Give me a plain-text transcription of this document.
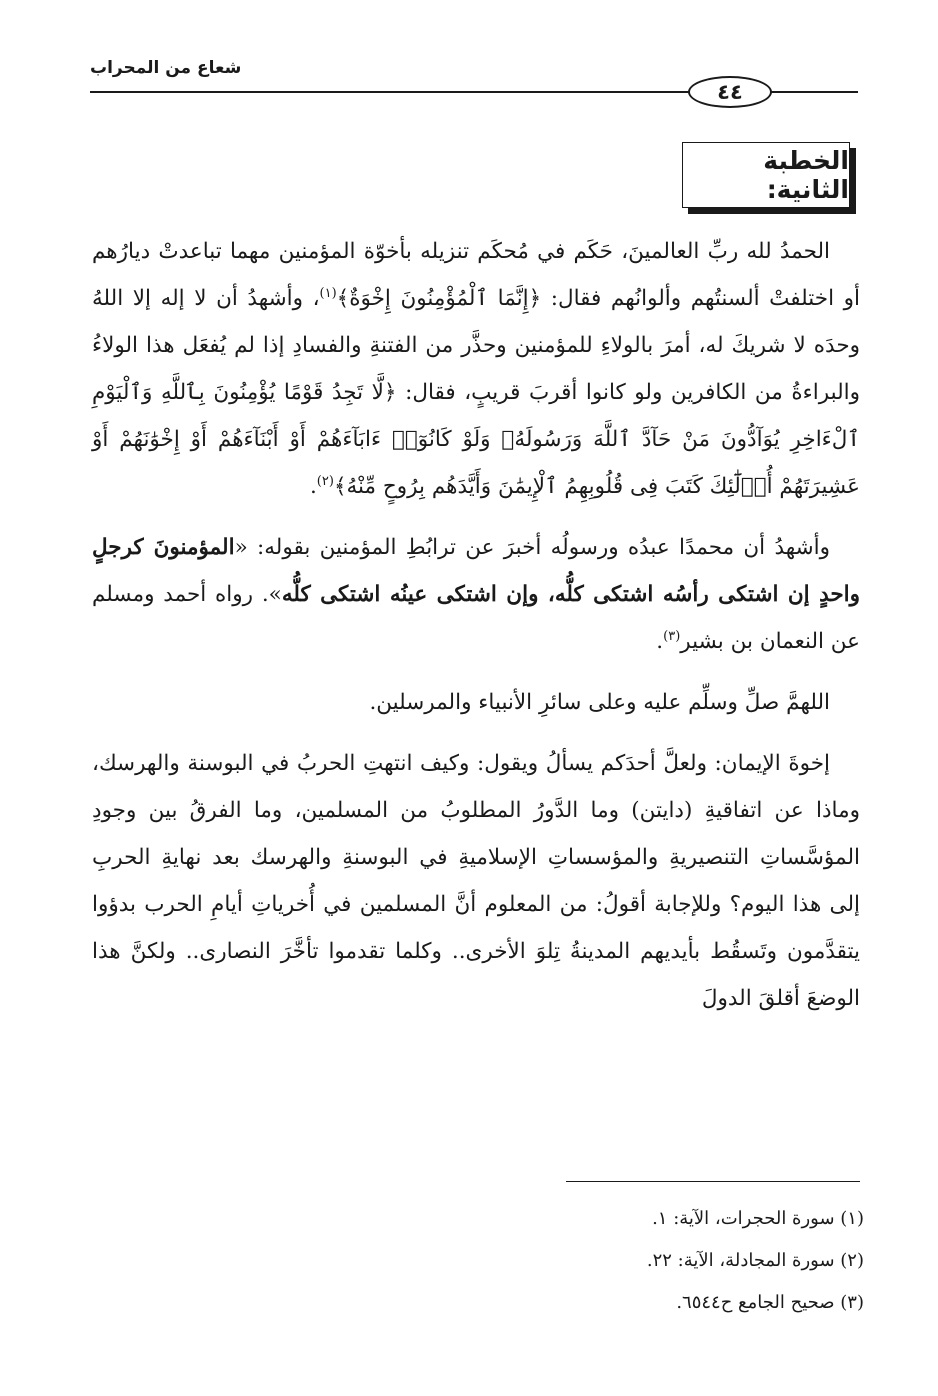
شعاع من المحراب
٤٤
الخطبة الثانية:

الحمدُ لله ربِّ العالمينَ، حَكَم في مُحكَم تنزيله بأخوّة المؤمنين مهما تباعدتْ ديارُهم أو اختلفتْ ألسنتُهم وألوانُهم فقال: ﴿إِنَّمَا ٱلْمُؤْمِنُونَ إِخْوَةٌ﴾$^{(١)}$، وأشهدُ أن لا إله إلا اللهُ وحدَه لا شريكَ له، أمرَ بالولاءِ للمؤمنين وحذَّر من الفتنةِ والفسادِ إذا لم يُفعَل هذا الولاءُ والبراءةُ من الكافرين ولو كانوا أقربَ قريبٍ، فقال: ﴿لَّا تَجِدُ قَوْمًا يُؤْمِنُونَ بِٱللَّهِ وَٱلْيَوْمِ ٱلْءَاخِرِ يُوَآدُّونَ مَنْ حَآدَّ ٱللَّهَ وَرَسُولَهُۥ وَلَوْ كَانُوٓا۟ ءَابَآءَهُمْ أَوْ أَبْنَآءَهُمْ أَوْ إِخْوَٰنَهُمْ أَوْ عَشِيرَتَهُمْ أُو۟لَٰٓئِكَ كَتَبَ فِى قُلُوبِهِمُ ٱلْإِيمَٰنَ وَأَيَّدَهُم بِرُوحٍ مِّنْهُ﴾$^{(٢)}$.

وأشهدُ أن محمدًا عبدُه ورسولُه أخبرَ عن ترابُطِ المؤمنين بقوله: «المؤمنونَ كرجلٍ واحدٍ إن اشتكى رأسُه اشتكى كلُّه، وإن اشتكى عينُه اشتكى كلُّه». رواه أحمد ومسلم عن النعمان بن بشير$^{(٣)}$.

اللهمَّ صلِّ وسلِّم عليه وعلى سائرِ الأنبياء والمرسلين.

إخوةَ الإيمان: ولعلَّ أحدَكم يسألُ ويقول: وكيف انتهتِ الحربُ في البوسنة والهرسك، وماذا عن اتفاقيةِ (دايتن) وما الدَّورُ المطلوبُ من المسلمين، وما الفرقُ بين وجودِ المؤسَّساتِ التنصيريةِ والمؤسساتِ الإسلاميةِ في البوسنةِ والهرسك بعد نهايةِ الحربِ إلى هذا اليوم؟ وللإجابة أقولُ: من المعلوم أنَّ المسلمين في أُخرياتِ أيامِ الحرب بدؤوا يتقدَّمون وتَسقُط بأيديهم المدينةُ تِلوَ الأخرى.. وكلما تقدموا تأخَّرَ النصارى.. ولكنَّ هذا الوضعَ أقلقَ الدولَ

(١) سورة الحجرات، الآية: ١.
(٢) سورة المجادلة، الآية: ٢٢.
(٣) صحيح الجامع ح٦٥٤٤.
